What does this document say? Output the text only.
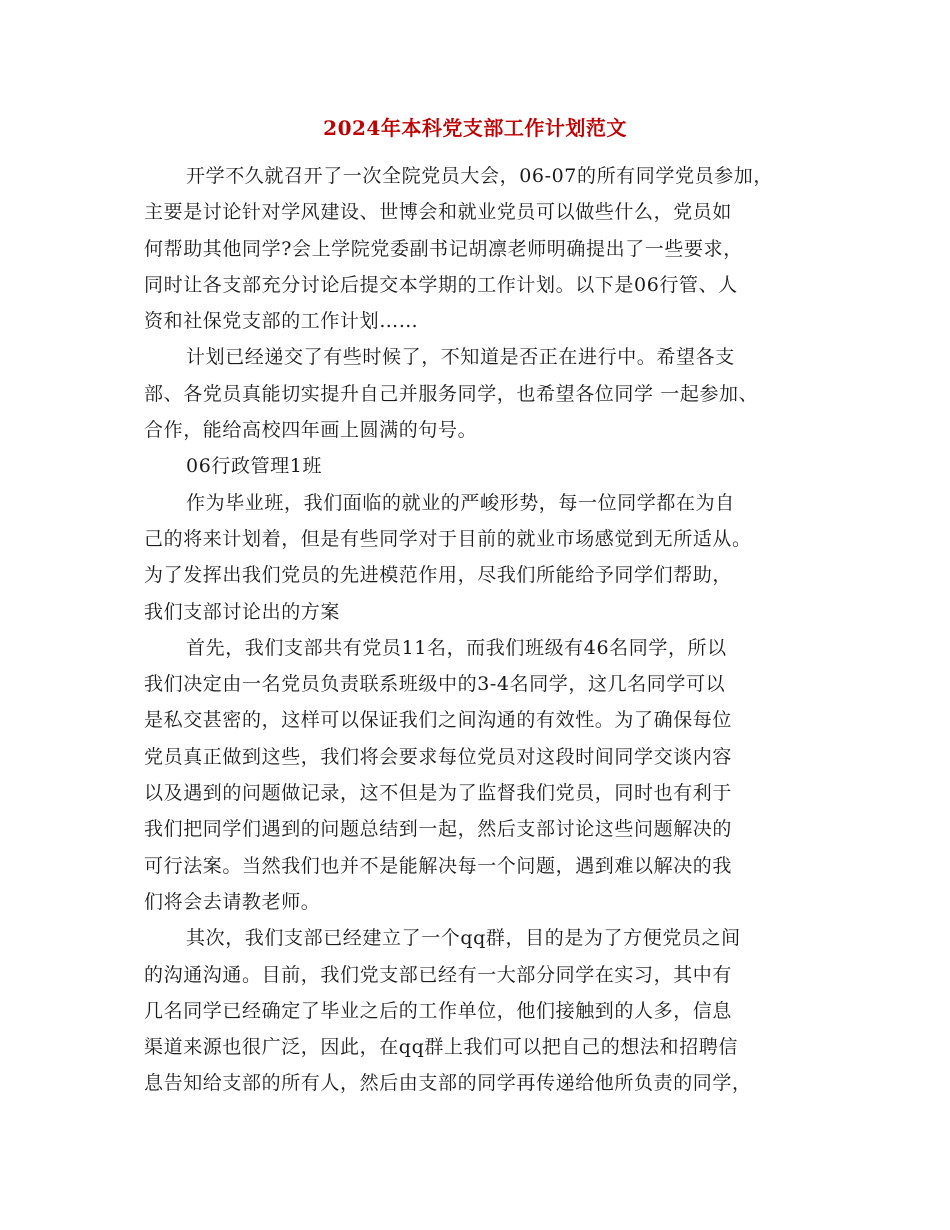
2024年本科党支部工作计划范文
开学不久就召开了一次全院党员大会，06-07的所有同学党员参加，
主要是讨论针对学风建设、世博会和就业党员可以做些什么，党员如
何帮助其他同学?会上学院党委副书记胡凛老师明确提出了一些要求，
同时让各支部充分讨论后提交本学期的工作计划。以下是06行管、人
资和社保党支部的工作计划……
计划已经递交了有些时候了，不知道是否正在进行中。希望各支
部、各党员真能切实提升自己并服务同学，也希望各位同学 一起参加、
合作，能给高校四年画上圆满的句号。
06行政管理1班
作为毕业班，我们面临的就业的严峻形势，每一位同学都在为自
己的将来计划着，但是有些同学对于目前的就业市场感觉到无所适从。
为了发挥出我们党员的先进模范作用，尽我们所能给予同学们帮助，
我们支部讨论出的方案
首先，我们支部共有党员11名，而我们班级有46名同学，所以
我们决定由一名党员负责联系班级中的3-4名同学，这几名同学可以
是私交甚密的，这样可以保证我们之间沟通的有效性。为了确保每位
党员真正做到这些，我们将会要求每位党员对这段时间同学交谈内容
以及遇到的问题做记录，这不但是为了监督我们党员，同时也有利于
我们把同学们遇到的问题总结到一起，然后支部讨论这些问题解决的
可行法案。当然我们也并不是能解决每一个问题，遇到难以解决的我
们将会去请教老师。
其次，我们支部已经建立了一个qq群，目的是为了方便党员之间
的沟通沟通。目前，我们党支部已经有一大部分同学在实习，其中有
几名同学已经确定了毕业之后的工作单位，他们接触到的人多，信息
渠道来源也很广泛，因此，在qq群上我们可以把自己的想法和招聘信
息告知给支部的所有人，然后由支部的同学再传递给他所负责的同学，
